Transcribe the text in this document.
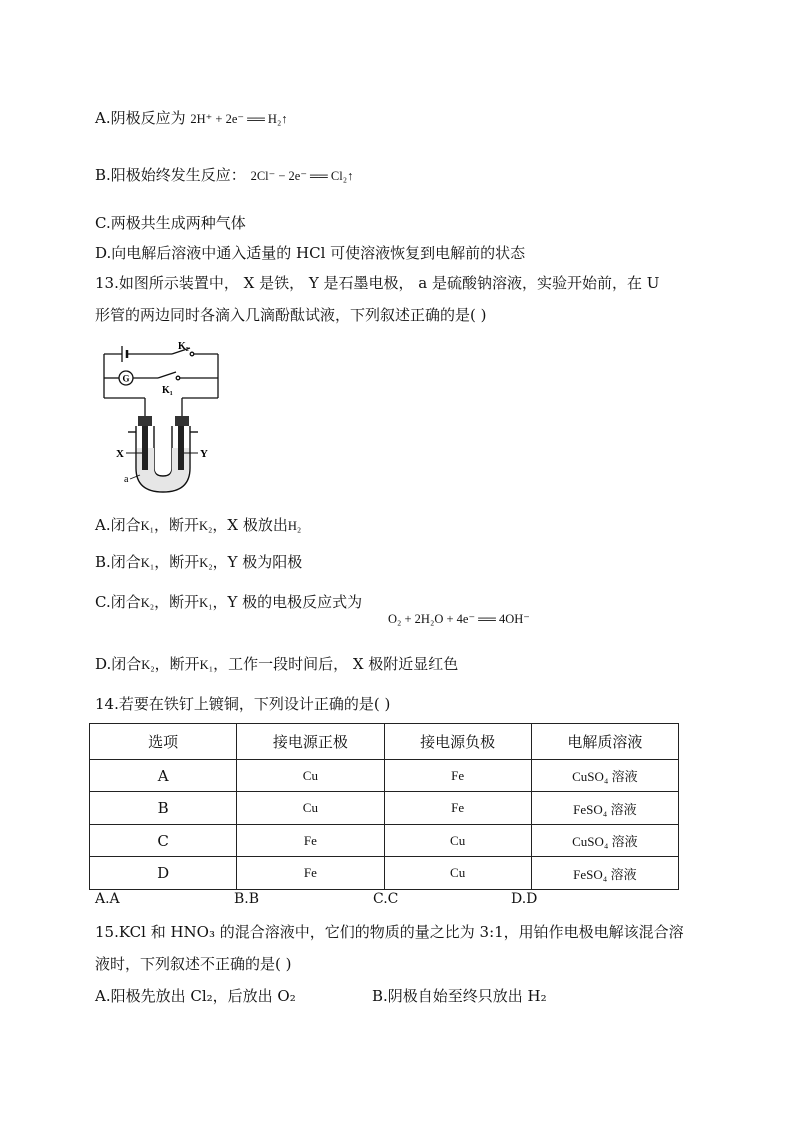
A.阴极反应为 2H⁺ + 2e⁻ ══ H₂↑
B.阳极始终发生反应： 2Cl⁻ − 2e⁻ ══ Cl₂↑
C.两极共生成两种气体
D.向电解后溶液中通入适量的 HCl 可使溶液恢复到电解前的状态
13.如图所示装置中， X 是铁， Y 是石墨电极， a 是硫酸钠溶液，实验开始前，在 U
形管的两边同时各滴入几滴酚酞试液，下列叙述正确的是( )
K₂
K₁
G
X	Y
a
A.闭合K₁，断开K₂，X 极放出H₂
B.闭合K₁，断开K₂，Y 极为阳极
C.闭合K₂，断开K₁，Y 极的电极反应式为
O₂ + 2H₂O + 4e⁻ ══ 4OH⁻
D.闭合K₂，断开K₁，工作一段时间后， X 极附近显红色
14.若要在铁钉上镀铜，下列设计正确的是( )
选项	接电源正极	接电源负极	电解质溶液
A	Cu	Fe	CuSO₄ 溶液
B	Cu	Fe	FeSO₄ 溶液
C	Fe	Cu	CuSO₄ 溶液
D	Fe	Cu	FeSO₄ 溶液
A.A	B.B	C.C	D.D
15.KCl 和 HNO₃ 的混合溶液中，它们的物质的量之比为 3:1，用铂作电极电解该混合溶
液时，下列叙述不正确的是( )
A.阳极先放出 Cl₂，后放出 O₂	B.阴极自始至终只放出 H₂
